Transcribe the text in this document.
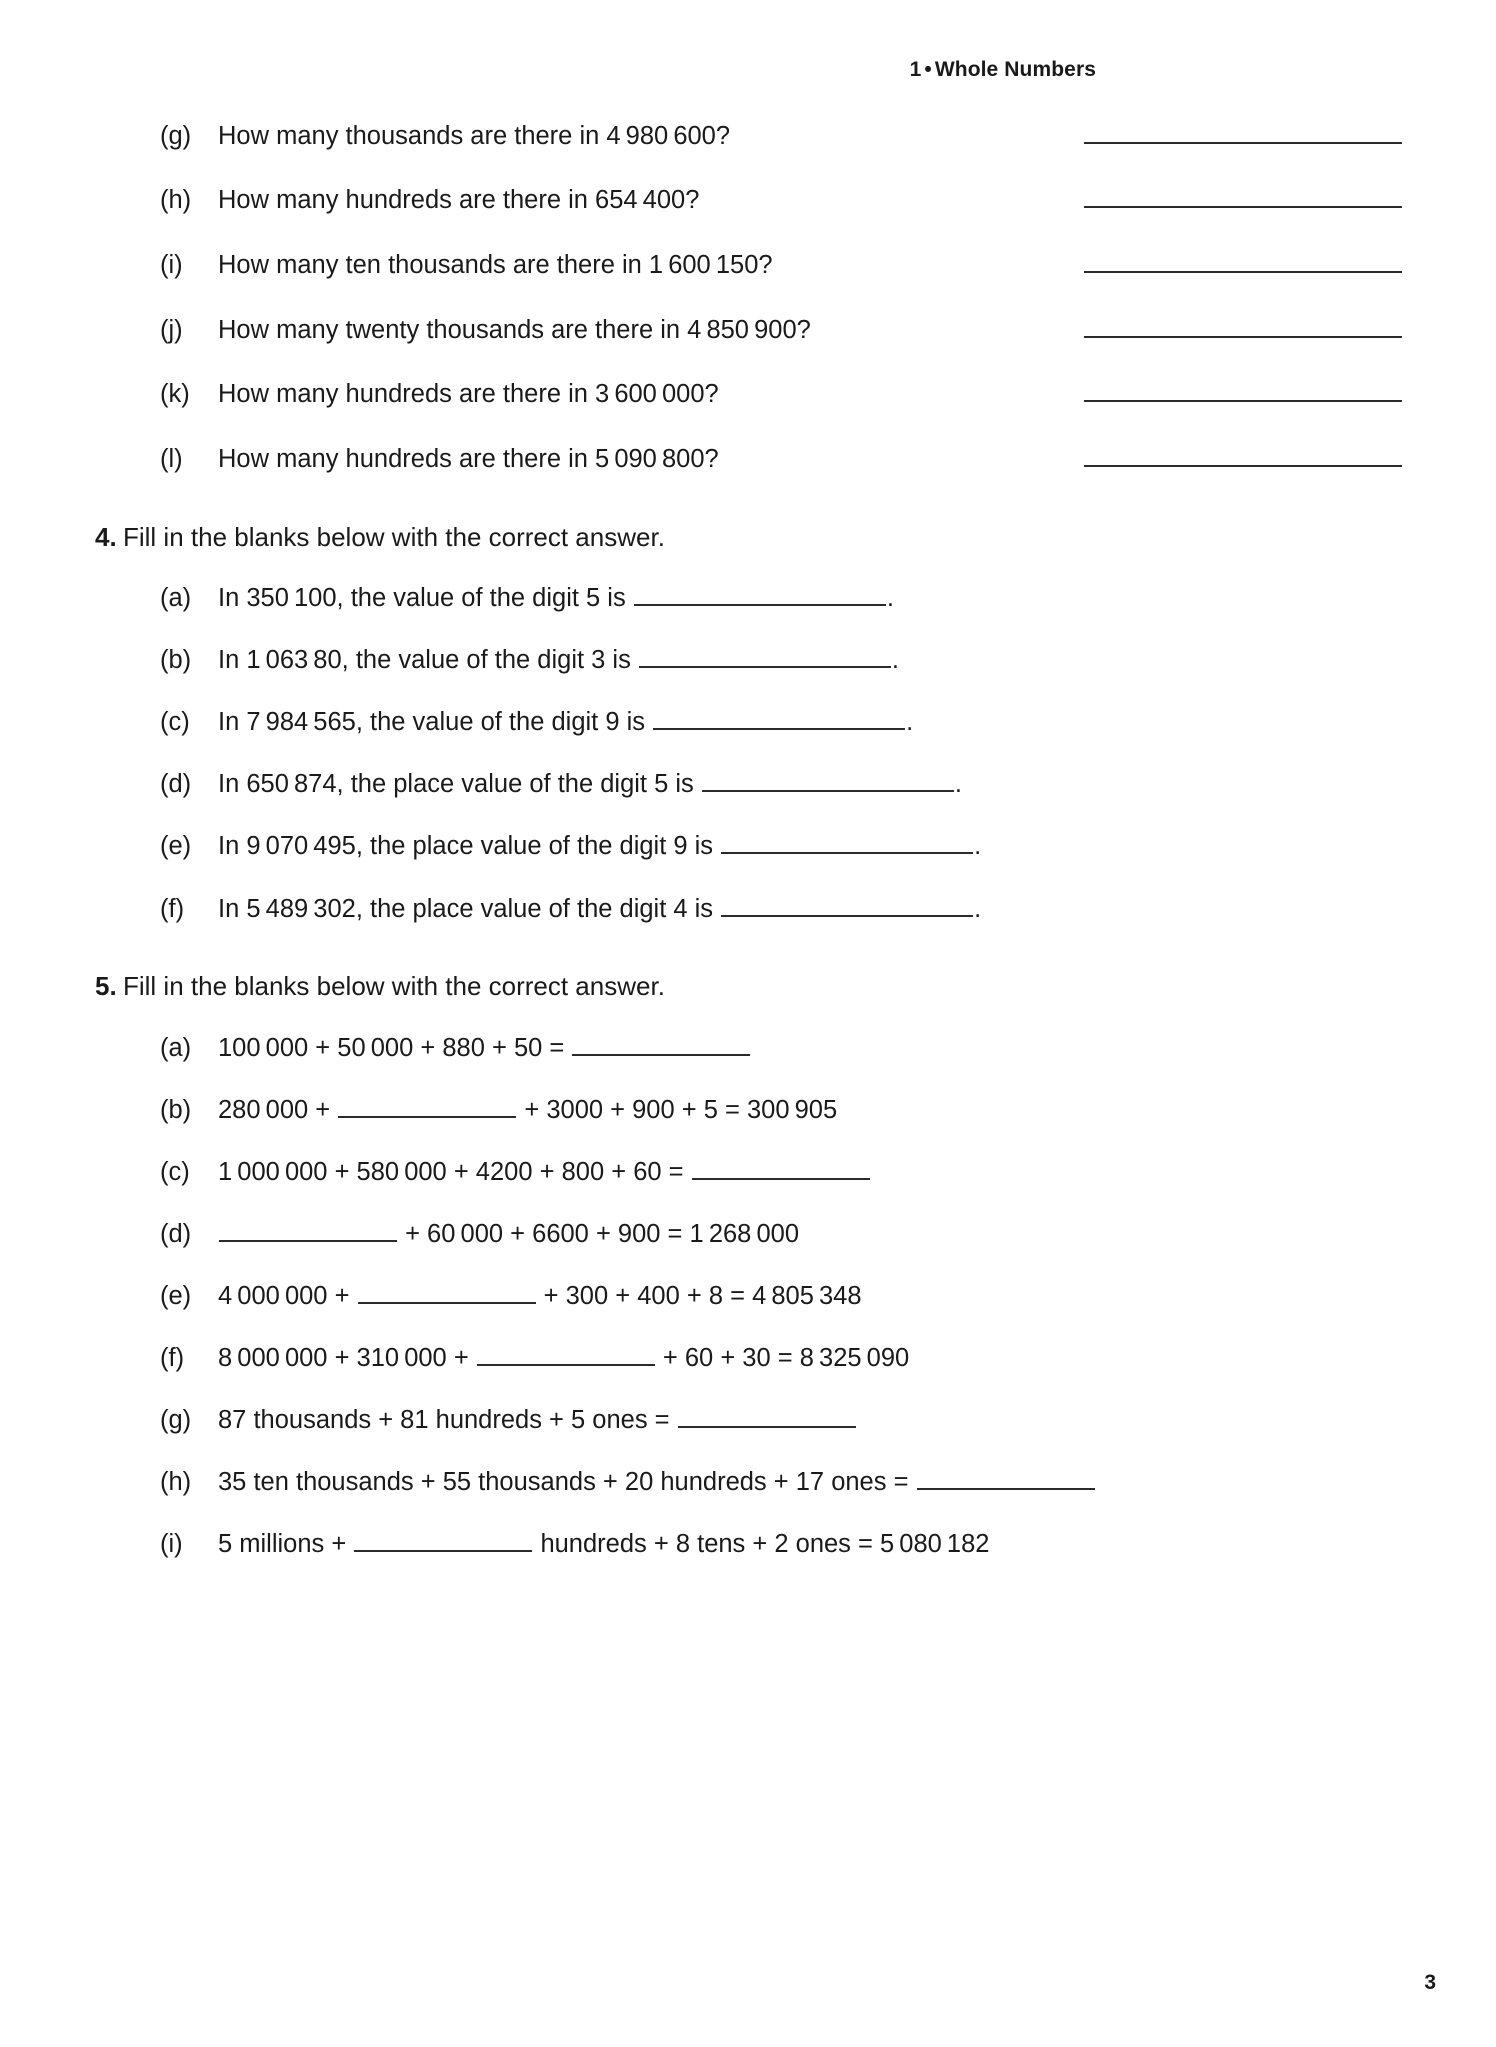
1 • Whole Numbers
(g)	How many thousands are there in 4 980 600?
(h)	How many hundreds are there in 654 400?
(i)	How many ten thousands are there in 1 600 150?
(j)	How many twenty thousands are there in 4 850 900?
(k)	How many hundreds are there in 3 600 000?
(l)	How many hundreds are there in 5 090 800?
4. Fill in the blanks below with the correct answer.
(a)	In 350 100, the value of the digit 5 is	.
(b)	In 1 063 80, the value of the digit 3 is	.
(c)	In 7 984 565, the value of the digit 9 is	.
(d)	In 650 874, the place value of the digit 5 is	.
(e)	In 9 070 495, the place value of the digit 9 is	.
(f)	In 5 489 302, the place value of the digit 4 is	.
5. Fill in the blanks below with the correct answer.
(a)	100 000 + 50 000 + 880 + 50 =
(b)	280 000 +	+ 3000 + 900 + 5 = 300 905
(c)	1 000 000 + 580 000 + 4200 + 800 + 60 =
(d)	+ 60 000 + 6600 + 900 = 1 268 000
(e)	4 000 000 +	+ 300 + 400 + 8 = 4 805 348
(f)	8 000 000 + 310 000 +	+ 60 + 30 = 8 325 090
(g)	87 thousands + 81 hundreds + 5 ones =
(h)	35 ten thousands + 55 thousands + 20 hundreds + 17 ones =
(i)	5 millions +	hundreds + 8 tens + 2 ones = 5 080 182
3
